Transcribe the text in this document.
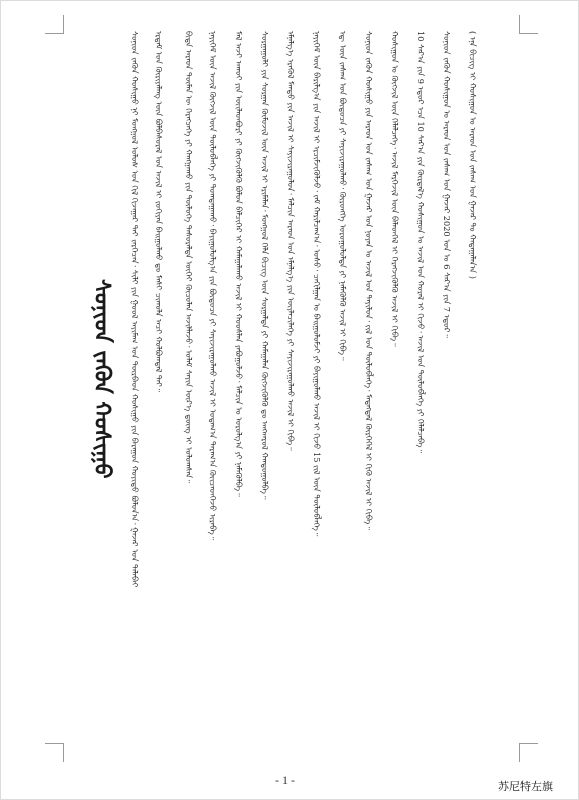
ᠰᠤᠨᠢᠳ ᠵᠡᠭᠦᠨ ᠬᠣᠰᠢᠭᠤ ᠰᠤᠨᠢᠳ ᠵᠡᠭᠦᠨ ᠬᠣᠰᠢᠭᠤ ᠨᠢ ᠮᠣᠩᠭᠣᠯ ᠤᠯᠤᠰ ᠤᠨ ᠬᠢᠯ ᠬᠢᠵᠠᠭᠠᠷ ᠲᠠᠢ ᠵᠡᠷᠭᠡᠴᠡᠨ᠂ ᠰᠢᠯᠢ ᠶᠢᠨ ᠭᠣᠣᠯ ᠠᠶᠢᠮᠠᠭ ᠤᠨ ᠳᠦᠷᠪᠡᠳ ᠬᠣᠰᠢᠭᠤ ᠶᠢᠨ ᠪᠠᠷᠠᠭᠤᠨ ᠬᠣᠶᠢᠳᠤ ᠪᠣᠯᠤᠨ᠎ᠠ᠂ ᠭᠠᠵᠠᠷ ᠤᠨ ᠲᠠᠯᠠᠪᠠᠢ ᠡᠷᠳᠡᠮ ᠤᠨ ᠬᠦᠷᠢᠶᠡᠯᠡᠩ ᠦᠨ ᠪᠣᠯᠪᠠᠰᠤᠷᠠᠯ ᠤᠨ ᠠᠵᠢᠯ ᠢ ᠵᠣᠬᠢᠶᠠᠨ ᠪᠠᠢᠭᠤᠯᠬᠤ ᠳᠤ ᠮᠠᠰᠢ ᠴᠢᠬᠤᠯᠠ ᠠᠴᠢ ᠬᠣᠯᠪᠣᠭᠳᠠᠯ ᠲᠠᠢ᠃ ᠪᠢᠳᠡ ᠠᠷᠠᠳ ᠲᠦᠮᠡᠨ ᠦ ᠬᠡᠷᠡᠭᠴᠡᠭᠡ ᠶᠢ ᠬᠠᠩᠭᠠᠬᠤ ᠶᠢᠨ ᠲᠥᠯᠦᠭᠡ ᠲᠠᠰᠤᠷᠠᠯᠲᠠ ᠦᠭᠡᠢ ᠬᠦᠴᠦᠯᠡᠨ ᠠᠵᠢᠯᠯᠠᠵᠤ᠂ ᠤᠯᠠᠮ ᠰᠠᠶᠢᠨ ᠦᠷ᠎ᠡ ᠳ᠋ᠦᠩ ᠢ ᠣᠯᠤᠭᠰᠠᠨ᠃ ᠨᠡᠶᠢᠭᠡᠮ ᠦᠨ ᠠᠵᠢᠯ ᠬᠥᠭᠵᠢᠯ ᠦᠨ ᠲᠥᠯᠦᠪᠯᠡᠭᠡ ᠶᠢ ᠲᠣᠭᠲᠠᠭᠠᠬᠤ᠂ ᠪᠠᠶᠢᠭᠤᠯᠤᠯᠭ᠎ᠠ ᠶᠢᠨ ᠪᠦᠲᠦᠴᠡ ᠶᠢ ᠰᠠᠶᠢᠵᠢᠷᠠᠭᠤᠯᠬᠤ ᠠᠵᠢᠯ ᠢ ᠤᠳᠠᠭ᠎ᠠ ᠳᠠᠷᠠᠭ᠎ᠠ ᠭᠦᠢᠴᠡᠳᠭᠡᠵᠦ ᠢᠷᠡᠪᠡ᠃ ᠮᠠᠯ ᠠᠵᠢ ᠠᠬᠤᠢ ᠶᠢᠨ ᠦᠢᠯᠡᠳᠪᠦᠷᠢ ᠶᠢ ᠬᠥᠭᠵᠢᠭᠦᠯᠬᠦ ᠪᠣᠯᠤᠨ ᠪᠡᠯᠴᠢᠭᠡᠷ ᠢ ᠬᠠᠮᠠᠭᠠᠯᠠᠬᠤ ᠠᠵᠢᠯ ᠢ ᠬᠣᠣᠰᠯᠠᠨ ᠶᠠᠪᠤᠭᠤᠯᠵᠤ᠂ ᠮᠠᠯᠴᠢᠨ ᠤ ᠣᠷᠣᠯᠭ᠎ᠠ ᠶᠢ ᠨᠡᠮᠡᠭᠦᠯᠪᠡ᠃ ᠰᠤᠷᠭᠠᠭᠤᠯᠢ ᠶᠢᠨ ᠰᠤᠷᠭᠠᠨ ᠬᠦᠮᠦᠵᠢᠯ ᠦᠨ ᠠᠵᠢᠯ ᠢ ᠡᠷᠢᠮᠡᠯᠡᠨ᠂ ᠮᠣᠩᠭᠣᠯ ᠬᠡᠯᠡ ᠪᠢᠴᠢᠭ ᠦᠨ ᠰᠤᠷᠭᠠᠯᠲᠠ ᠶᠢ ᠬᠠᠮᠠᠭᠠᠯᠠᠨ ᠬᠥᠭᠵᠢᠭᠦᠯᠬᠦ ᠳᠤ ᠠᠩᠬᠠᠷᠤᠯ ᠬᠠᠨᠳᠤᠭᠤᠯᠪᠠ᠃ ᠡᠮᠨᠡᠯᠭ᠎ᠡ ᠡᠷᠡᠭᠦᠯ ᠮᠡᠨᠳᠦ ᠶᠢᠨ ᠠᠵᠢᠯ ᠢ ᠰᠠᠶᠢᠵᠢᠷᠠᠭᠤᠯᠤᠨ᠂ ᠮᠠᠯᠴᠢᠨ ᠠᠷᠠᠳ ᠤᠨ ᠡᠮᠨᠡᠯᠭ᠎ᠡ ᠶᠢᠨ ᠦᠶᠯᠡᠴᠢᠯᠡᠭᠡ ᠶᠢ ᠰᠠᠶᠢᠵᠢᠷᠠᠭᠤᠯᠬᠤ ᠠᠵᠢᠯ ᠢ ᠬᠢᠪᠡ᠃ ᠨᠡᠶᠢᠭᠡᠮ ᠦᠨ ᠪᠠᠷᠢᠯᠭ᠎ᠠ ᠶᠢᠨ ᠠᠵᠢᠯ ᠢ ᠡᠷᠴᠢᠮᠵᠢᠭᠦᠯᠵᠦ᠂ ᠵᠠᠮ ᠬᠠᠷᠢᠯᠴᠠᠭ᠎ᠠ᠂ ᠤᠰᠤ᠂ ᠴᠠᠬᠢᠯᠭᠠᠨ ᠤ ᠪᠠᠢᠭᠤᠯᠤᠮᠵᠢ ᠶᠢ ᠪᠠᠶᠢᠭᠤᠯᠬᠤ ᠠᠵᠢᠯ ᠢ ᠬᠢᠵᠦ 15 ᠵᠢᠯ ᠦᠨ ᠲᠥᠯᠥᠪᠯᠡᠭᠡ᠃ ᠡᠳ᠋ ᠦᠨ ᠵᠠᠰᠠᠭ ᠤᠨ ᠪᠦᠲᠦᠴᠡ ᠶᠢ ᠰᠠᠶᠢᠵᠢᠷᠠᠭᠤᠯᠬᠤ᠂ ᠬᠥᠷᠥᠩᠭᠡ ᠣᠷᠣᠭᠤᠯᠤᠯᠲᠠ ᠶᠢ ᠨᠡᠮᠡᠭᠦᠯᠬᠦ ᠠᠵᠢᠯ ᠢ ᠬᠢᠪᠡ᠃ ᠰᠤᠨᠢᠳ ᠵᠡᠭᠦᠨ ᠬᠣᠰᠢᠭᠤ ᠶᠢᠨ ᠠᠷᠠᠳ ᠤᠨ ᠵᠠᠰᠠᠭ ᠤᠨ ᠭᠠᠵᠠᠷ ᠤᠨ ᠨᠣᠶᠠᠨ ᠤ ᠠᠵᠢᠯ ᠤᠨ ᠲᠠᠶᠢᠯᠤᠨ᠂ ᠵᠢᠯ ᠤᠨ ᠲᠥᠯᠥᠪᠯᠡᠭᠡ᠂ ᠮᠡᠳᠡᠭᠳᠡᠯ ᠬᠦᠷᠭᠡᠭᠡᠯ ᠢ ᠬᠢᠬᠦ ᠠᠵᠢᠯ ᠢ ᠬᠢᠪᠡ᠃ ᠬᠣᠰᠢᠭᠤᠨ ᠤ ᠬᠥᠭᠵᠢᠯ ᠦᠨ ᠬᠡᠯᠡᠯᠴᠡᠭᠡ᠂ ᠠᠵᠢᠯ ᠮᠡᠷᠭᠡᠵᠢᠯ ᠦᠨ ᠪᠡᠯᠡᠳᠭᠡᠯ ᠢ ᠬᠡᠷᠡᠭᠵᠢᠭᠦᠯᠬᠦ ᠠᠵᠢᠯ ᠢ ᠬᠢᠪᠡ᠃ 10 ᠰᠠᠷ᠎ᠠ ᠶᠢᠨ 9 ᠡᠳᠦᠷ ᠡᠴᠡ 10 ᠰᠠᠷ᠎ᠠ ᠶᠢᠨ ᠬᠦᠷᠲᠡᠯ᠎ᠡ ᠬᠣᠰᠢᠭᠤᠨ ᠤ ᠠᠵᠢᠯ ᠤᠨ ᠬᠤᠷᠠᠯ ᠢ ᠬᠢᠵᠦ᠂ ᠠᠵᠢᠯ ᠤᠨ ᠲᠥᠯᠥᠪᠯᠡᠭᠡ ᠶᠢ ᠬᠡᠯᠡᠯᠴᠡᠪᠡ᠃ ᠰᠤᠨᠢᠳ ᠵᠡᠭᠦᠨ ᠬᠣᠰᠢᠭᠤᠨ ᠤ ᠠᠷᠠᠳ ᠤᠨ ᠵᠠᠰᠠᠭ ᠤᠨ ᠭᠠᠵᠠᠷ 2020 ᠣᠨ ᠤ 6 ᠰᠠᠷ᠎ᠠ ᠶᠢᠨ 7 ᠡᠳᠦᠷ᠃ ( ᠡᠨᠡ ᠪᠢᠴᠢᠭ ᠢ ᠬᠣᠰᠢᠭᠤᠨ ᠤ ᠠᠷᠠᠳ ᠤᠨ ᠵᠠᠰᠠᠭ ᠤᠨ ᠭᠠᠵᠠᠷ ᠲᠤ ᠬᠠᠳᠠᠭᠠᠯᠠᠨ᠎ᠠ )
- 1 -	苏尼特左旗
